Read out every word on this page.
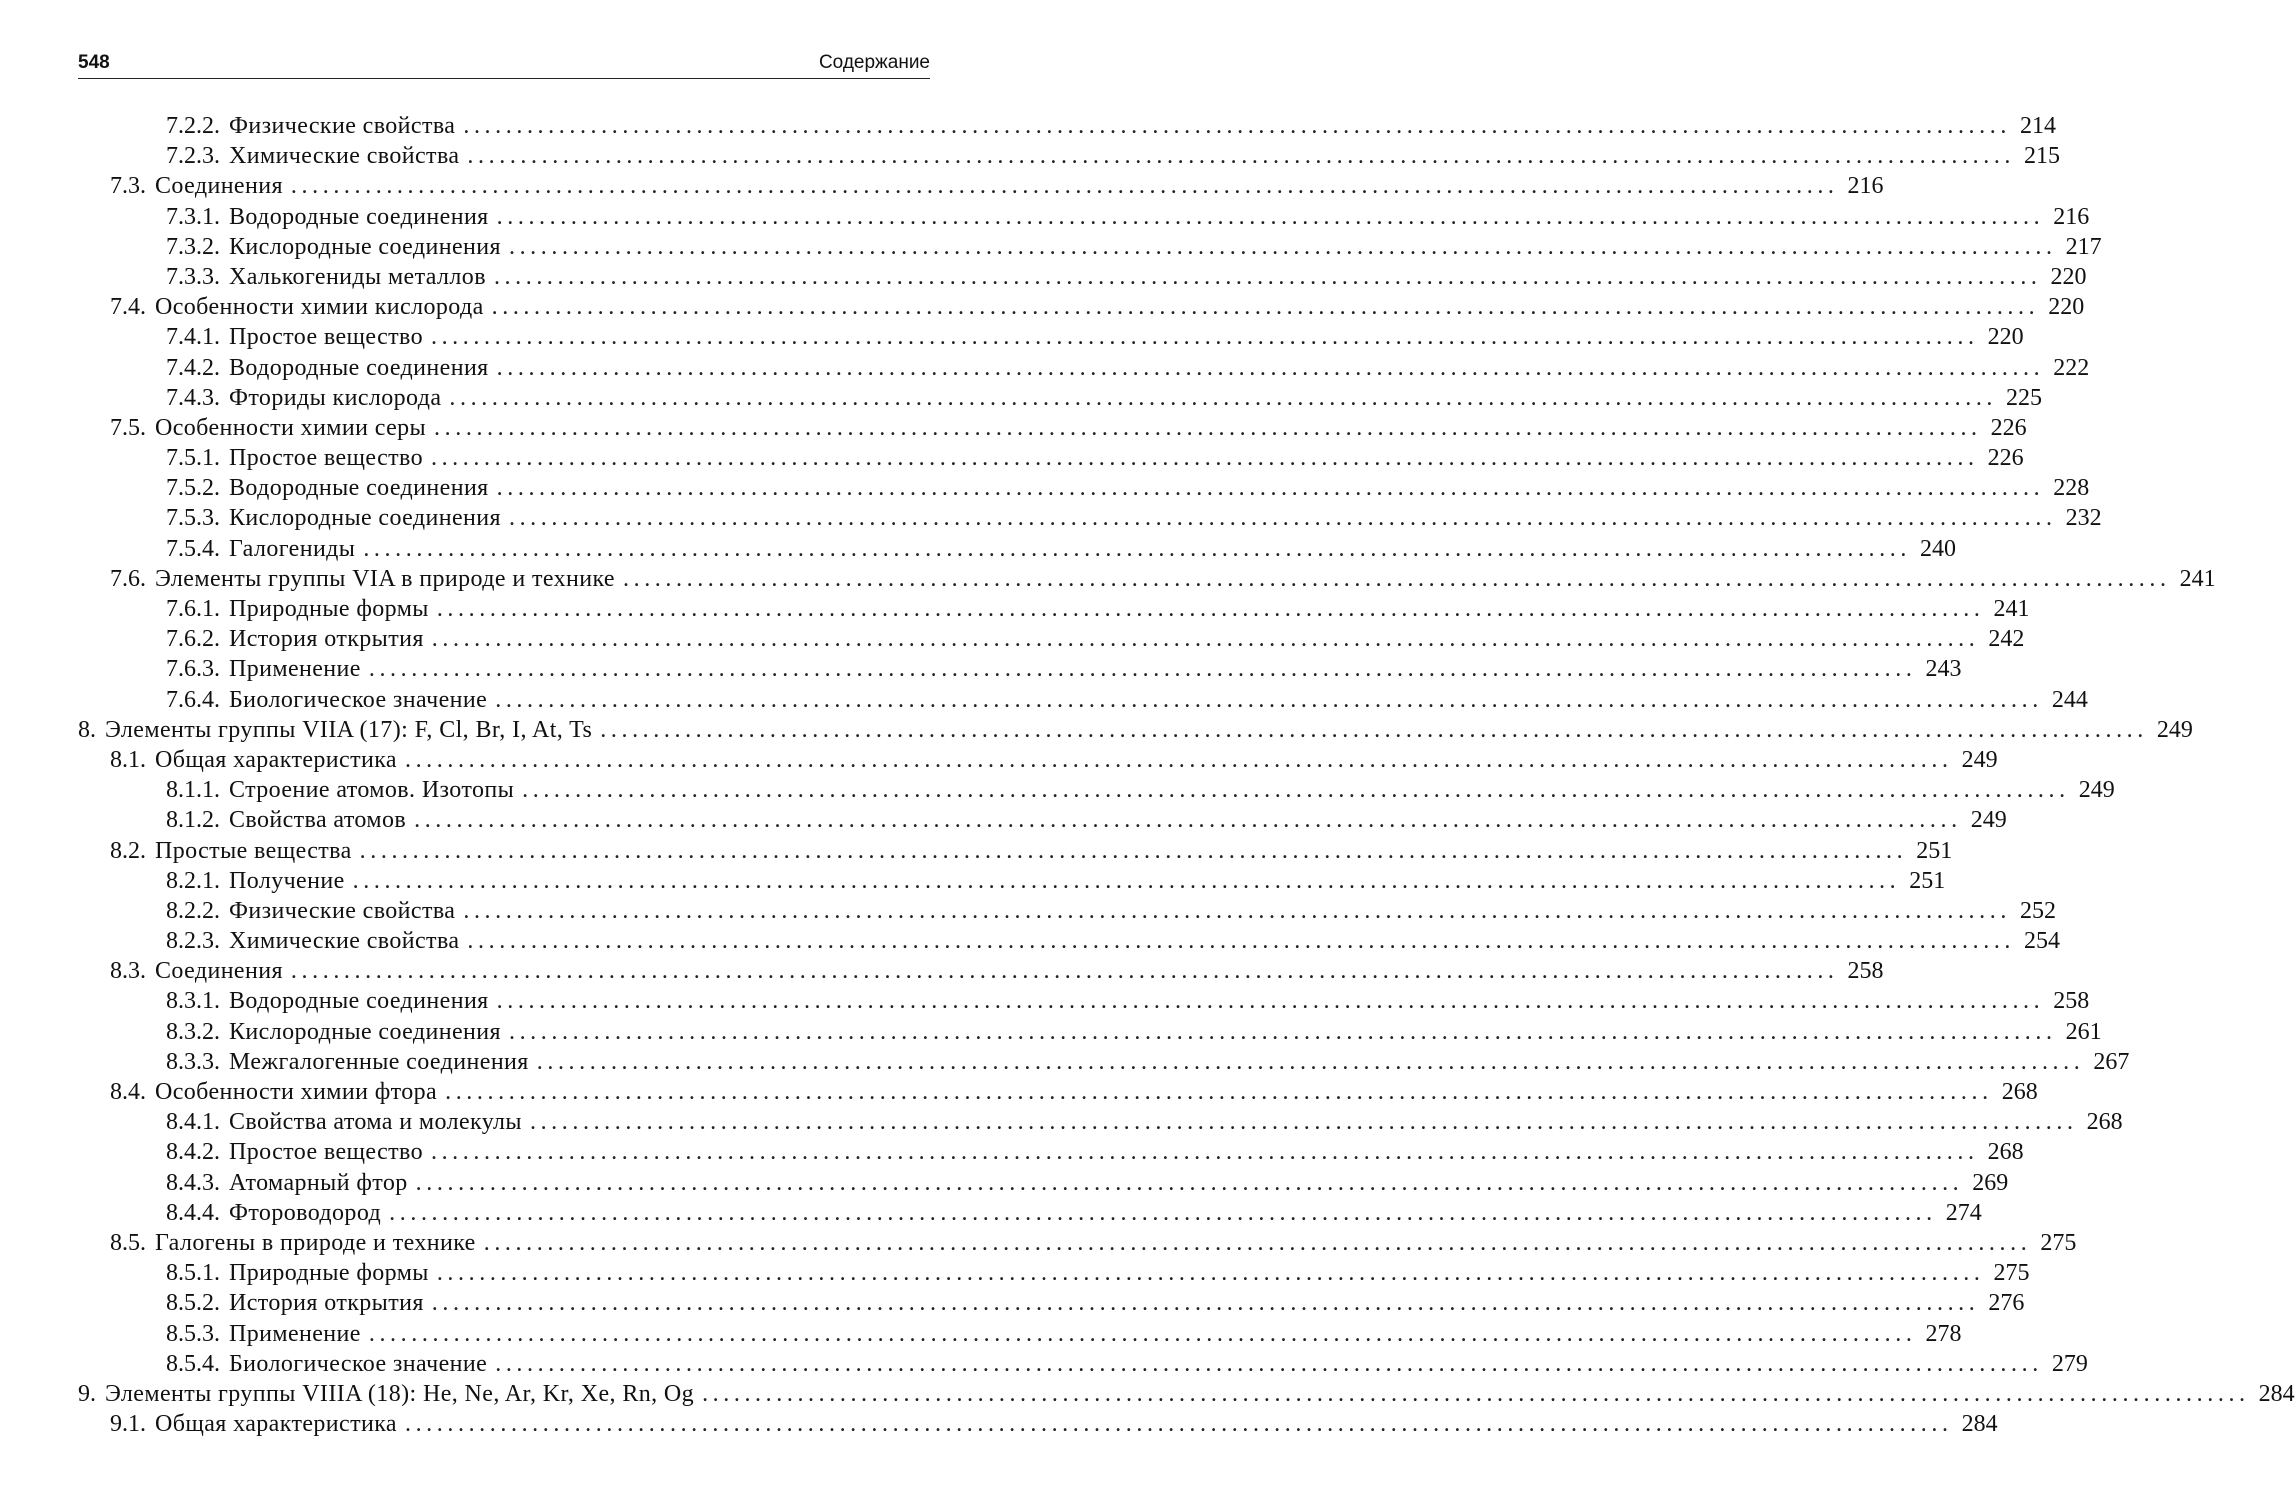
548	Содержание
7.2.2. Физические свойства .................................................................................................................................................. 214
7.2.3. Химические свойства .................................................................................................................................................. 215
7.3. Соединения .................................................................................................................................................. 216
7.3.1. Водородные соединения .................................................................................................................................................. 216
7.3.2. Кислородные соединения .................................................................................................................................................. 217
7.3.3. Халькогениды металлов .................................................................................................................................................. 220
7.4. Особенности химии кислорода .................................................................................................................................................. 220
7.4.1. Простое вещество .................................................................................................................................................. 220
7.4.2. Водородные соединения .................................................................................................................................................. 222
7.4.3. Фториды кислорода .................................................................................................................................................. 225
7.5. Особенности химии серы .................................................................................................................................................. 226
7.5.1. Простое вещество .................................................................................................................................................. 226
7.5.2. Водородные соединения .................................................................................................................................................. 228
7.5.3. Кислородные соединения .................................................................................................................................................. 232
7.5.4. Галогениды .................................................................................................................................................. 240
7.6. Элементы группы VIA в природе и технике .................................................................................................................................................. 241
7.6.1. Природные формы .................................................................................................................................................. 241
7.6.2. История открытия .................................................................................................................................................. 242
7.6.3. Применение .................................................................................................................................................. 243
7.6.4. Биологическое значение .................................................................................................................................................. 244
8. Элементы группы VIIA (17): F, Cl, Br, I, At, Ts .................................................................................................................................................. 249
8.1. Общая характеристика .................................................................................................................................................. 249
8.1.1. Строение атомов. Изотопы .................................................................................................................................................. 249
8.1.2. Свойства атомов .................................................................................................................................................. 249
8.2. Простые вещества .................................................................................................................................................. 251
8.2.1. Получение .................................................................................................................................................. 251
8.2.2. Физические свойства .................................................................................................................................................. 252
8.2.3. Химические свойства .................................................................................................................................................. 254
8.3. Соединения .................................................................................................................................................. 258
8.3.1. Водородные соединения .................................................................................................................................................. 258
8.3.2. Кислородные соединения .................................................................................................................................................. 261
8.3.3. Межгалогенные соединения .................................................................................................................................................. 267
8.4. Особенности химии фтора .................................................................................................................................................. 268
8.4.1. Свойства атома и молекулы .................................................................................................................................................. 268
8.4.2. Простое вещество .................................................................................................................................................. 268
8.4.3. Атомарный фтор .................................................................................................................................................. 269
8.4.4. Фтороводород .................................................................................................................................................. 274
8.5. Галогены в природе и технике .................................................................................................................................................. 275
8.5.1. Природные формы .................................................................................................................................................. 275
8.5.2. История открытия .................................................................................................................................................. 276
8.5.3. Применение .................................................................................................................................................. 278
8.5.4. Биологическое значение .................................................................................................................................................. 279
9. Элементы группы VIIIA (18): He, Ne, Ar, Kr, Xe, Rn, Og .................................................................................................................................................. 284
9.1. Общая характеристика .................................................................................................................................................. 284
